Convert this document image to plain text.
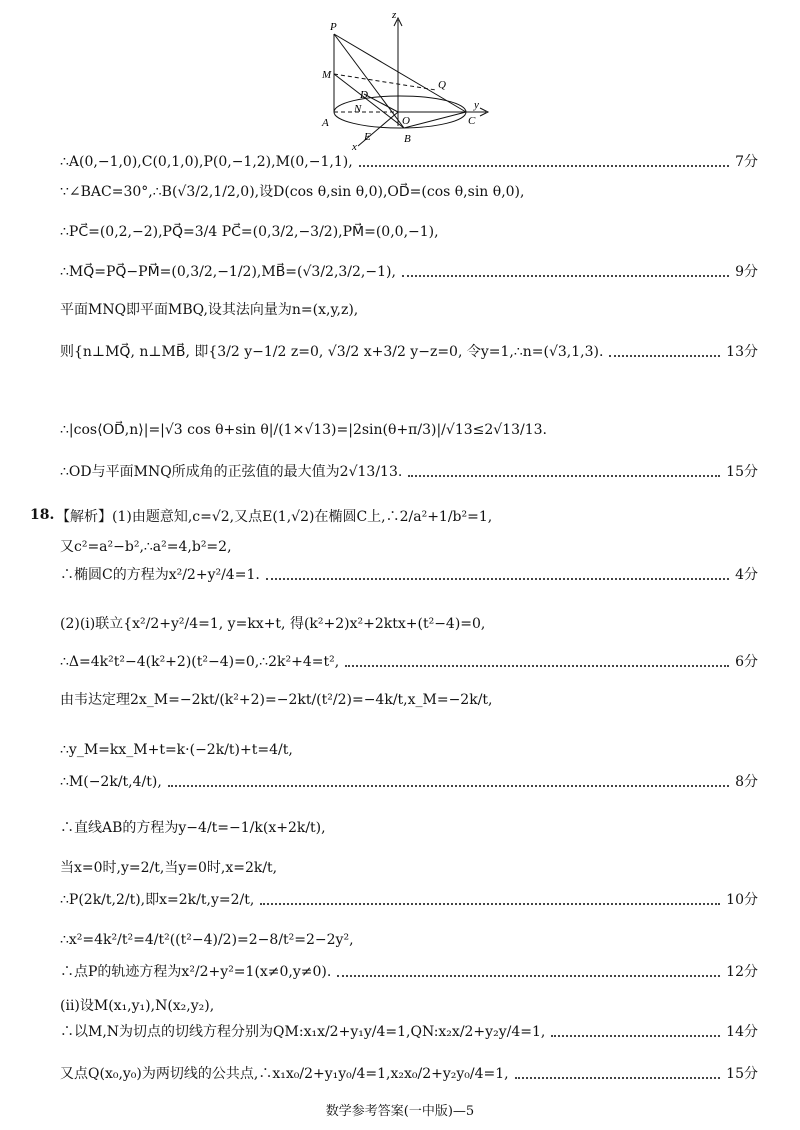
P
z
M
D
Q
N
O
y
A
E	B
C
x
∴A(0,−1,0),C(0,1,0),P(0,−1,2),M(0,−1,1),	7分
∵∠BAC=30°,∴B(√3/2,1/2,0),设D(cos θ,sin θ,0),OD⃗=(cos θ,sin θ,0),
∴PC⃗=(0,2,−2),PQ⃗=3/4 PC⃗=(0,3/2,−3/2),PM⃗=(0,0,−1),
∴MQ⃗=PQ⃗−PM⃗=(0,3/2,−1/2),MB⃗=(√3/2,3/2,−1),	9分
平面MNQ即平面MBQ,设其法向量为n=(x,y,z),
则{n⊥MQ⃗, n⊥MB⃗, 即{3/2 y−1/2 z=0, √3/2 x+3/2 y−z=0, 令y=1,∴n=(√3,1,3).	13分
∴|cos⟨OD⃗,n⟩|=|√3 cos θ+sin θ|/(1×√13)=|2sin(θ+π/3)|/√13≤2√13/13.
∴OD与平面MNQ所成角的正弦值的最大值为2√13/13.	15分
【解析】(1)由题意知,c=√2,又点E(1,√2)在椭圆C上,∴2/a²+1/b²=1,
又c²=a²−b²,∴a²=4,b²=2,
∴椭圆C的方程为x²/2+y²/4=1.	4分
(2)(ⅰ)联立{x²/2+y²/4=1, y=kx+t, 得(k²+2)x²+2ktx+(t²−4)=0,
∴Δ=4k²t²−4(k²+2)(t²−4)=0,∴2k²+4=t²,	6分
由韦达定理2x_M=−2kt/(k²+2)=−2kt/(t²/2)=−4k/t,x_M=−2k/t,
∴y_M=kx_M+t=k·(−2k/t)+t=4/t,
∴M(−2k/t,4/t),	8分
∴直线AB的方程为y−4/t=−1/k(x+2k/t),
当x=0时,y=2/t,当y=0时,x=2k/t,
∴P(2k/t,2/t),即x=2k/t,y=2/t,	10分
∴x²=4k²/t²=4/t²((t²−4)/2)=2−8/t²=2−2y²,
∴点P的轨迹方程为x²/2+y²=1(x≠0,y≠0).	12分
(ⅱ)设M(x₁,y₁),N(x₂,y₂),
∴以M,N为切点的切线方程分别为QM:x₁x/2+y₁y/4=1,QN:x₂x/2+y₂y/4=1,	14分
又点Q(x₀,y₀)为两切线的公共点,∴x₁x₀/2+y₁y₀/4=1,x₂x₀/2+y₂y₀/4=1,	15分
18.
数学参考答案(一中版)—5
